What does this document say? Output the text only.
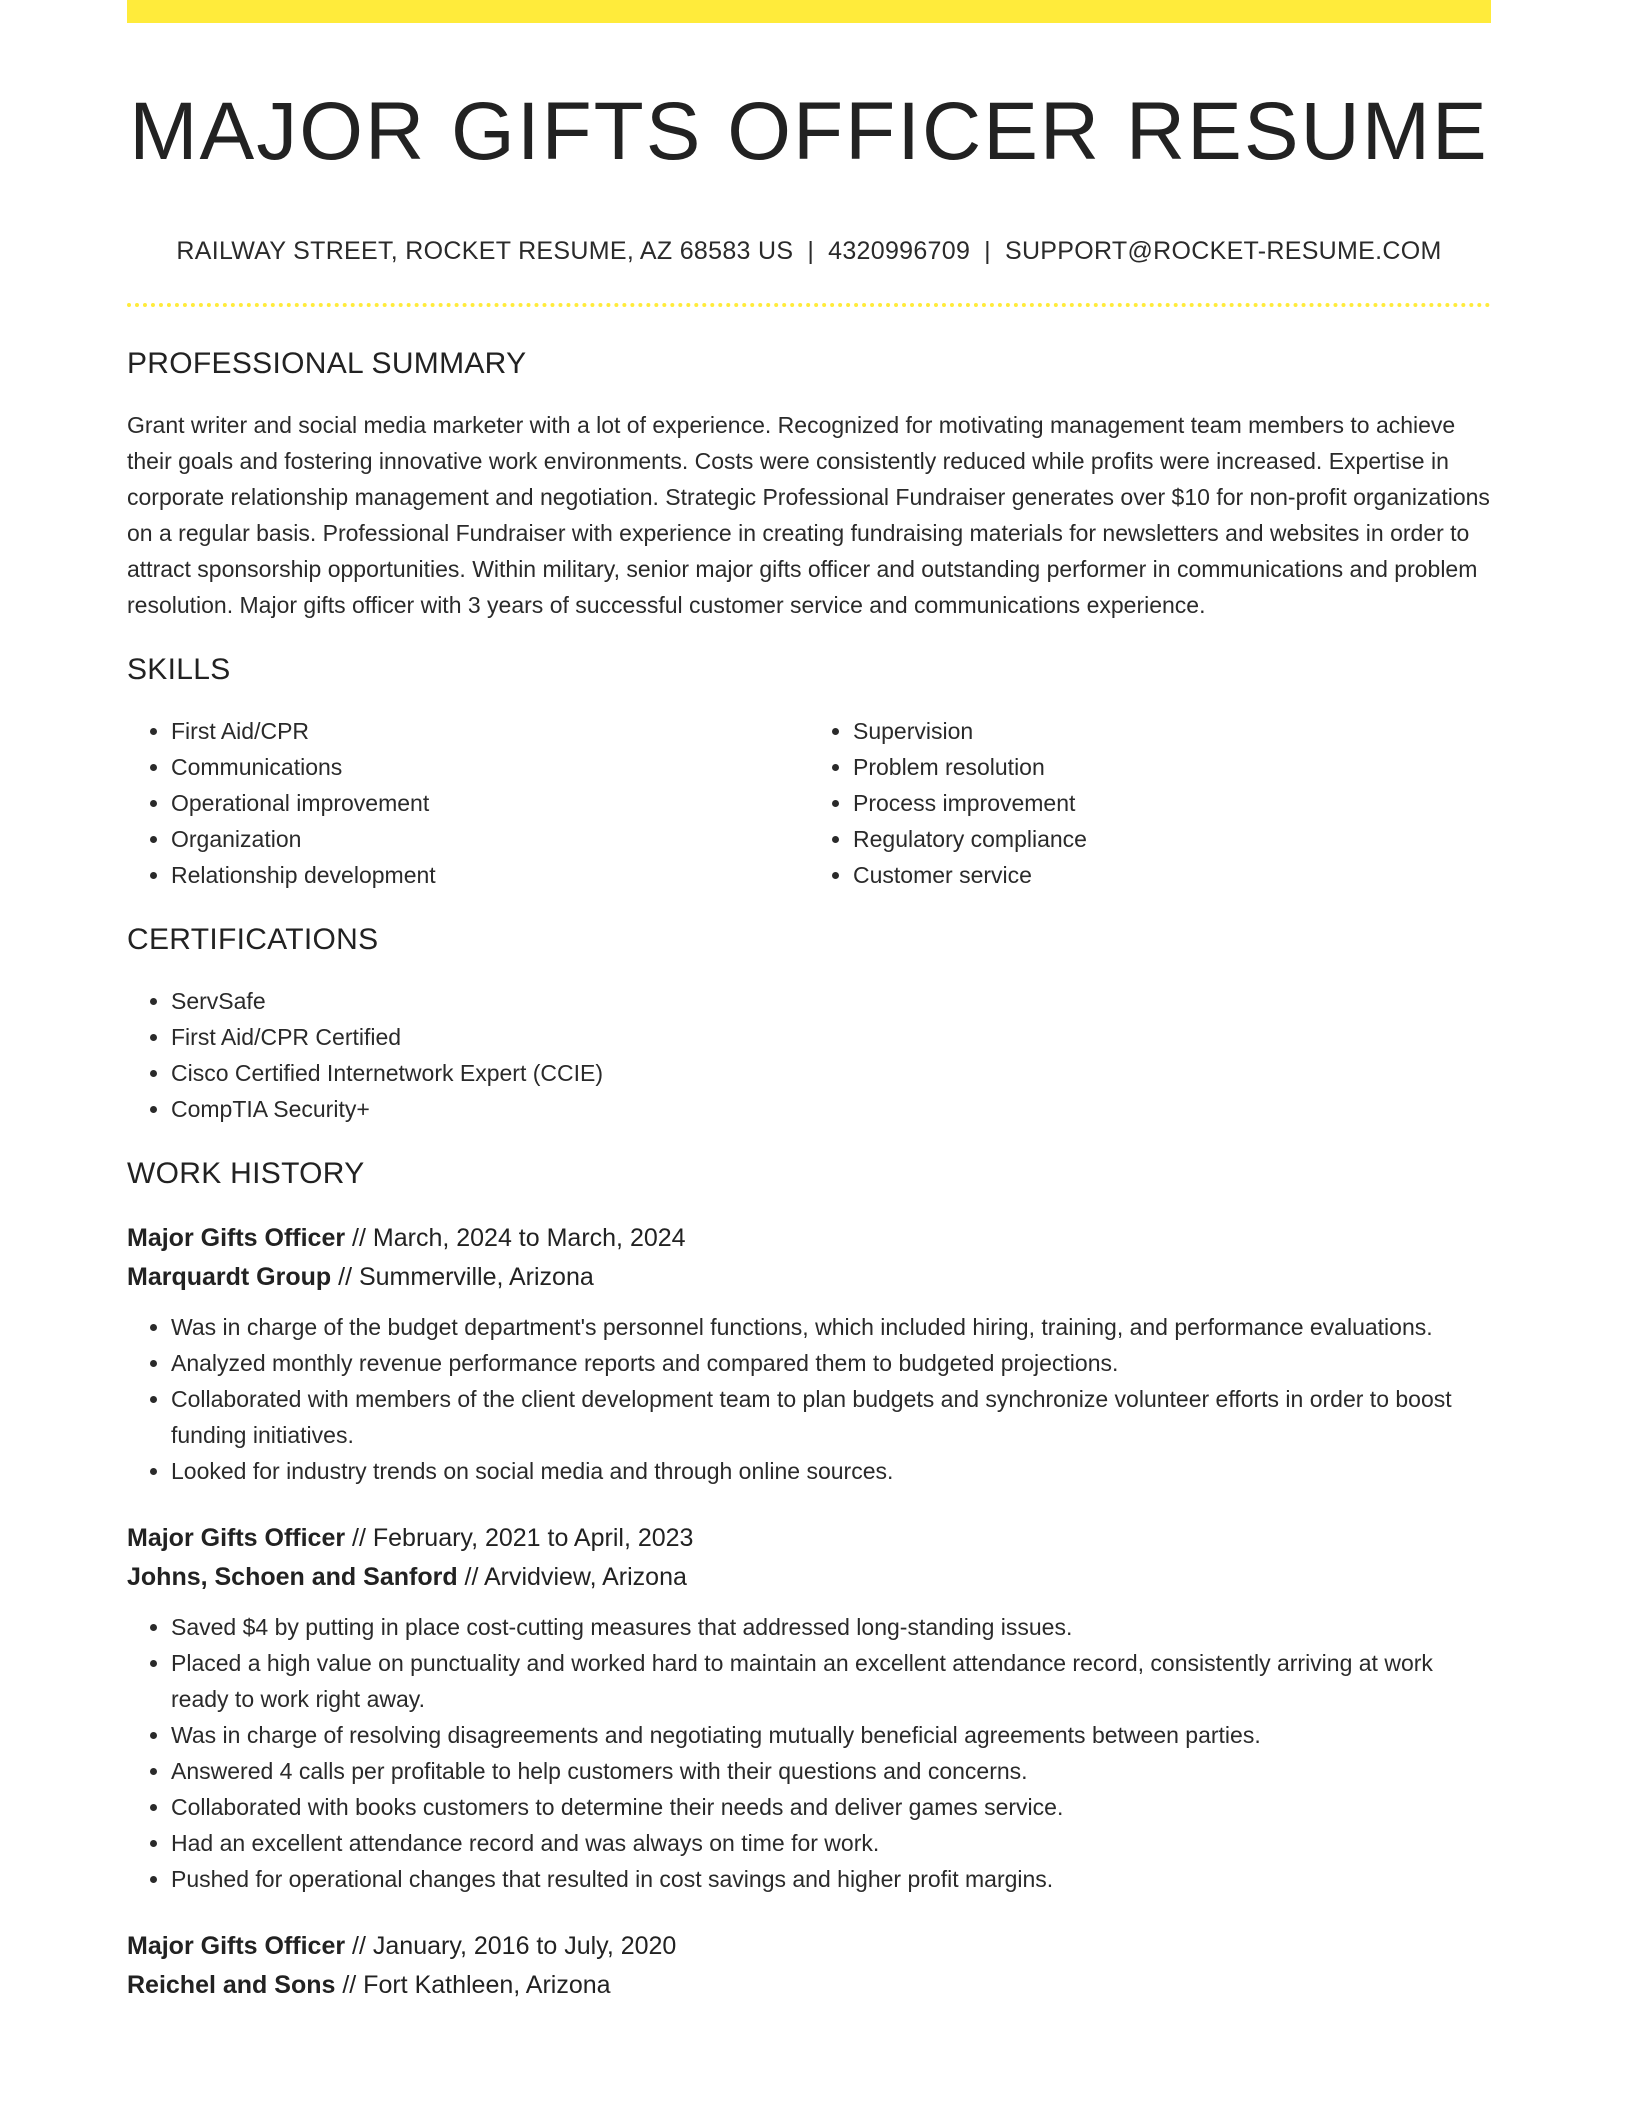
MAJOR GIFTS OFFICER RESUME
RAILWAY STREET, ROCKET RESUME, AZ 68583 US | 4320996709 | SUPPORT@ROCKET-RESUME.COM
PROFESSIONAL SUMMARY

Grant writer and social media marketer with a lot of experience. Recognized for motivating management team members to achieve their goals and fostering innovative work environments. Costs were consistently reduced while profits were increased. Expertise in corporate relationship management and negotiation. Strategic Professional Fundraiser generates over $10 for non-profit organizations on a regular basis. Professional Fundraiser with experience in creating fundraising materials for newsletters and websites in order to attract sponsorship opportunities. Within military, senior major gifts officer and outstanding performer in communications and problem resolution. Major gifts officer with 3 years of successful customer service and communications experience.

SKILLS
• First Aid/CPR
• Communications
• Operational improvement
• Organization
• Relationship development
• Supervision
• Problem resolution
• Process improvement
• Regulatory compliance
• Customer service
CERTIFICATIONS
• ServSafe
• First Aid/CPR Certified
• Cisco Certified Internetwork Expert (CCIE)
• CompTIA Security+
WORK HISTORY
Major Gifts Officer // March, 2024 to March, 2024
Marquardt Group // Summerville, Arizona
• Was in charge of the budget department's personnel functions, which included hiring, training, and performance evaluations.
• Analyzed monthly revenue performance reports and compared them to budgeted projections.
• Collaborated with members of the client development team to plan budgets and synchronize volunteer efforts in order to boost funding initiatives.
• Looked for industry trends on social media and through online sources.
Major Gifts Officer // February, 2021 to April, 2023
Johns, Schoen and Sanford // Arvidview, Arizona
• Saved $4 by putting in place cost-cutting measures that addressed long-standing issues.
• Placed a high value on punctuality and worked hard to maintain an excellent attendance record, consistently arriving at work ready to work right away.
• Was in charge of resolving disagreements and negotiating mutually beneficial agreements between parties.
• Answered 4 calls per profitable to help customers with their questions and concerns.
• Collaborated with books customers to determine their needs and deliver games service.
• Had an excellent attendance record and was always on time for work.
• Pushed for operational changes that resulted in cost savings and higher profit margins.
Major Gifts Officer // January, 2016 to July, 2020
Reichel and Sons // Fort Kathleen, Arizona
